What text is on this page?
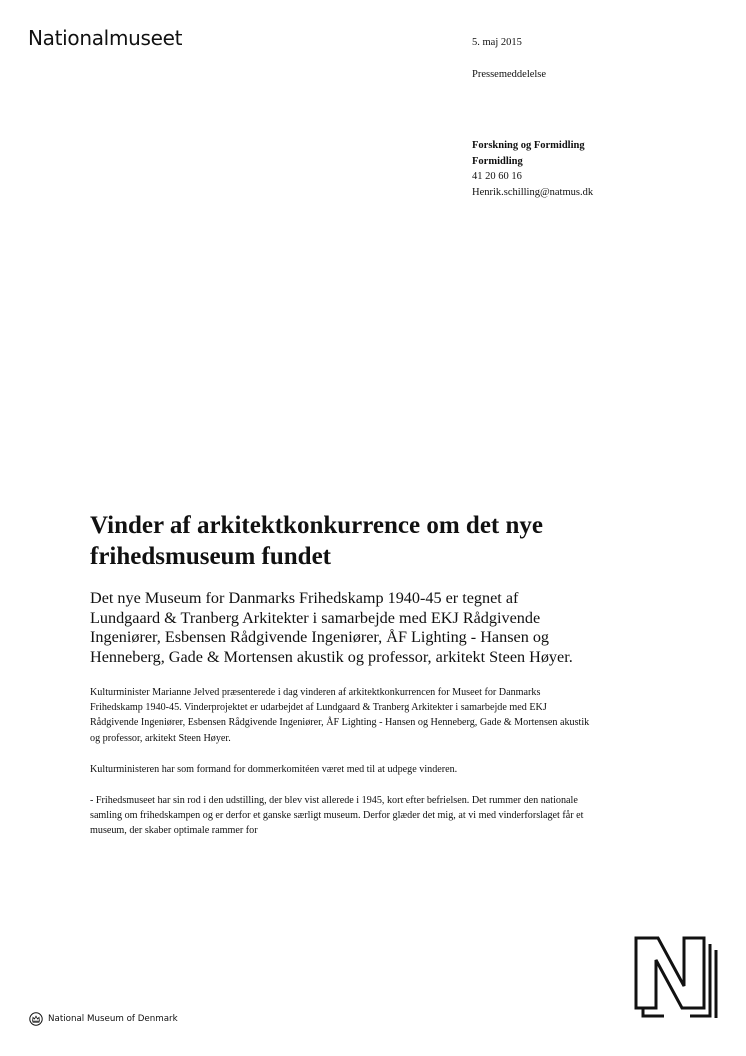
Nationalmuseet	5. maj 2015
Pressemeddelelse
Forskning og Formidling
Formidling
41 20 60 16
Henrik.schilling@natmus.dk
Vinder af arkitektkonkurrence om det nye frihedsmuseum fundet

Det nye Museum for Danmarks Frihedskamp 1940-45 er tegnet af Lundgaard & Tranberg Arkitekter i samarbejde med EKJ Rådgivende Ingeniører, Esbensen Rådgivende Ingeniører, ÅF Lighting - Hansen og Henneberg, Gade & Mortensen akustik og professor, arkitekt Steen Høyer.

Kulturminister Marianne Jelved præsenterede i dag vinderen af arkitektkonkurrencen for Museet for Danmarks Frihedskamp 1940-45. Vinderprojektet er udarbejdet af Lundgaard & Tranberg Arkitekter i samarbejde med EKJ Rådgivende Ingeniører, Esbensen Rådgivende Ingeniører, ÅF Lighting - Hansen og Henneberg, Gade & Mortensen akustik og professor, arkitekt Steen Høyer.

Kulturministeren har som formand for dommerkomitéen været med til at udpege vinderen.

- Frihedsmuseet har sin rod i den udstilling, der blev vist allerede i 1945, kort efter befrielsen. Det rummer den nationale samling om frihedskampen og er derfor et ganske særligt museum. Derfor glæder det mig, at vi med vinderforslaget får et museum, der skaber optimale rammer for

National Museum of Denmark
